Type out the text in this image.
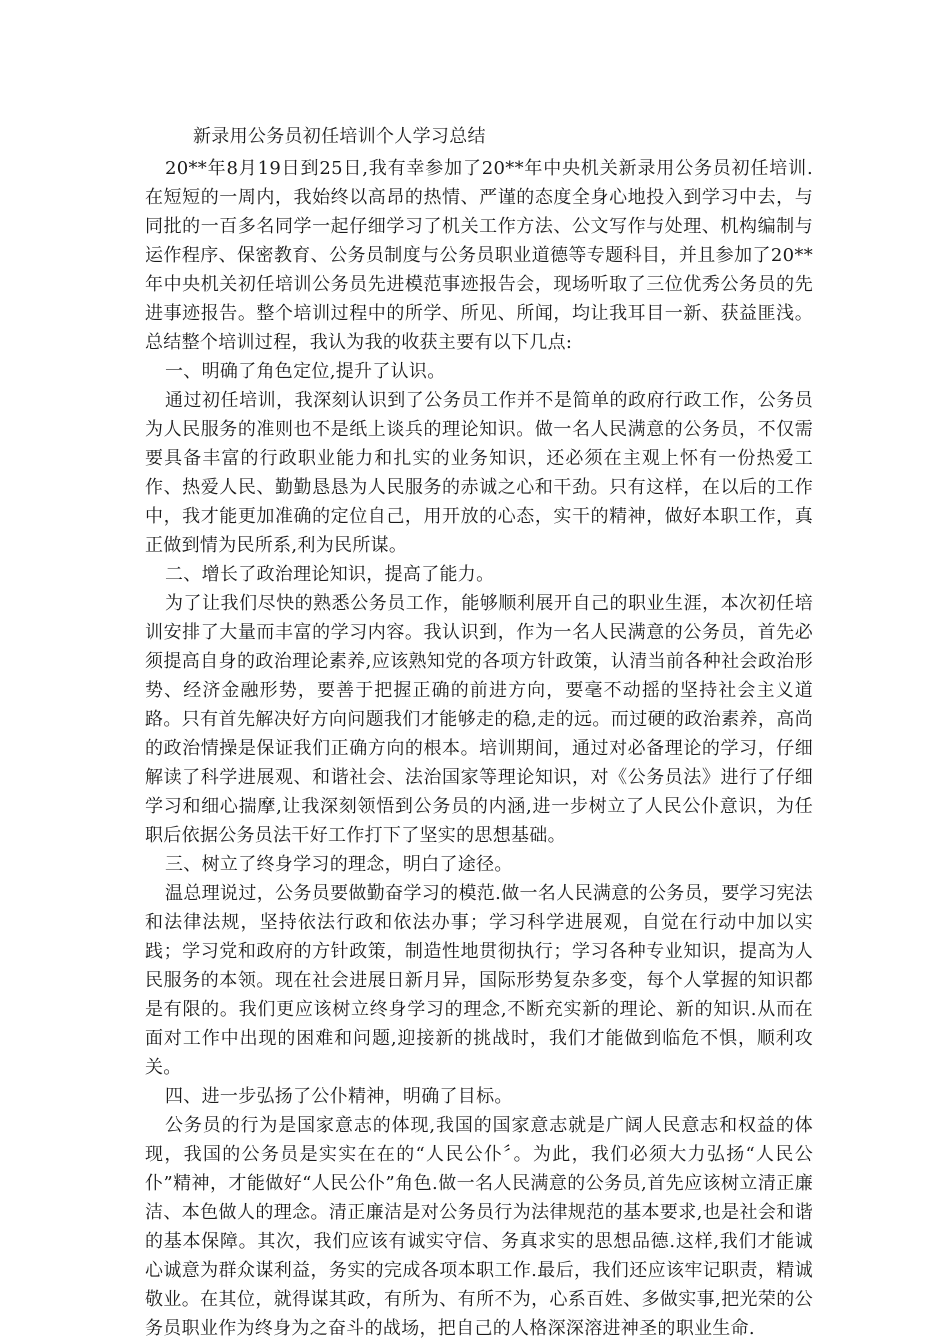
新录用公务员初任培训个人学习总结

20**年8月19日到25日,我有幸参加了20**年中央机关新录用公务员初任培训.在短短的一周内，我始终以高昂的热情、严谨的态度全身心地投入到学习中去，与同批的一百多名同学一起仔细学习了机关工作方法、公文写作与处理、机构编制与运作程序、保密教育、公务员制度与公务员职业道德等专题科目，并且参加了20**年中央机关初任培训公务员先进模范事迹报告会，现场听取了三位优秀公务员的先进事迹报告。整个培训过程中的所学、所见、所闻，均让我耳目一新、获益匪浅。总结整个培训过程，我认为我的收获主要有以下几点:

一、明确了角色定位,提升了认识。

通过初任培训，我深刻认识到了公务员工作并不是简单的政府行政工作，公务员为人民服务的准则也不是纸上谈兵的理论知识。做一名人民满意的公务员，不仅需要具备丰富的行政职业能力和扎实的业务知识，还必须在主观上怀有一份热爱工作、热爱人民、勤勤恳恳为人民服务的赤诚之心和干劲。只有这样，在以后的工作中，我才能更加准确的定位自己，用开放的心态，实干的精神，做好本职工作，真正做到情为民所系,利为民所谋。

二、增长了政治理论知识，提高了能力。

为了让我们尽快的熟悉公务员工作，能够顺利展开自己的职业生涯，本次初任培训安排了大量而丰富的学习内容。我认识到，作为一名人民满意的公务员，首先必须提高自身的政治理论素养,应该熟知党的各项方针政策，认清当前各种社会政治形势、经济金融形势，要善于把握正确的前进方向，要毫不动摇的坚持社会主义道路。只有首先解决好方向问题我们才能够走的稳,走的远。而过硬的政治素养，高尚的政治情操是保证我们正确方向的根本。培训期间，通过对必备理论的学习，仔细解读了科学进展观、和谐社会、法治国家等理论知识，对《公务员法》进行了仔细学习和细心揣摩,让我深刻领悟到公务员的内涵,进一步树立了人民公仆意识，为任职后依据公务员法干好工作打下了坚实的思想基础。

三、树立了终身学习的理念，明白了途径。

温总理说过，公务员要做勤奋学习的模范.做一名人民满意的公务员，要学习宪法和法律法规，坚持依法行政和依法办事；学习科学进展观，自觉在行动中加以实践；学习党和政府的方针政策，制造性地贯彻执行；学习各种专业知识，提高为人民服务的本领。现在社会进展日新月异，国际形势复杂多变，每个人掌握的知识都是有限的。我们更应该树立终身学习的理念,不断充实新的理论、新的知识.从而在面对工作中出现的困难和问题,迎接新的挑战时，我们才能做到临危不惧，顺利攻关。

四、进一步弘扬了公仆精神，明确了目标。

公务员的行为是国家意志的体现,我国的国家意志就是广阔人民意志和权益的体现，我国的公务员是实实在在的“人民公仆〞。为此，我们必须大力弘扬“人民公仆”精神，才能做好“人民公仆”角色.做一名人民满意的公务员,首先应该树立清正廉洁、本色做人的理念。清正廉洁是对公务员行为法律规范的基本要求,也是社会和谐的基本保障。其次，我们应该有诚实守信、务真求实的思想品德.这样,我们才能诚心诚意为群众谋利益，务实的完成各项本职工作.最后，我们还应该牢记职责，精诚敬业。在其位，就得谋其政，有所为、有所不为，心系百姓、多做实事,把光荣的公务员职业作为终身为之奋斗的战场，把自己的人格深深溶进神圣的职业生命.
